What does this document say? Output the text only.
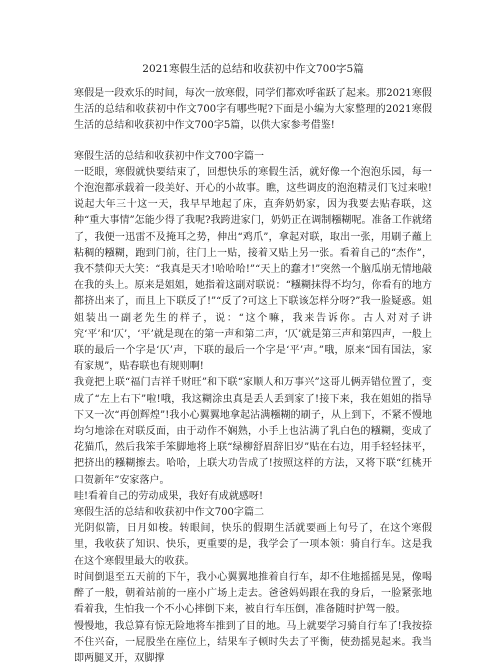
2021寒假生活的总结和收获初中作文700字5篇

寒假是一段欢乐的时间，每次一放寒假，同学们都欢呼雀跃了起来。那2021寒假生活的总结和收获初中作文700字有哪些呢?下面是小编为大家整理的2021寒假生活的总结和收获初中作文700字5篇，以供大家参考借鉴!

寒假生活的总结和收获初中作文700字篇一

一眨眼，寒假就快要结束了，回想快乐的寒假生活，就好像一个泡泡乐园，每一个泡泡都承载着一段美好、开心的小故事。瞧，这些调皮的泡泡精灵们飞过来啦!说起大年三十这一天，我早早地起了床，直奔奶奶家，因为我要去贴春联，这种“重大事情”怎能少得了我呢?我跨进家门，奶奶正在调制糨糊呢。准备工作就绪了，我便一迅雷不及掩耳之势，伸出“鸡爪”，拿起对联，取出一张，用刷子蘸上粘稠的糨糊，跑到门前，往门上一贴，接着又贴上另一张。看着自己的“杰作”，我不禁仰天大笑：“我真是天才!哈哈哈!”“天上的蠢才!”突然一个脑瓜崩无情地敲在我的头上。原来是姐姐，她指着这副对联说：“糨糊抹得不均匀，你看有的地方都挤出来了，而且上下联反了!”“反了?可这上下联该怎样分呀?”我一脸疑惑。姐姐装出一副老先生的样子，说：“这个嘛，我来告诉你。古人对对子讲究‘平’和‘仄’，‘平’就是现在的第一声和第二声，‘仄’就是第三声和第四声，一般上联的最后一个字是‘仄’声，下联的最后一个字是‘平’声。”哦，原来“国有国法，家有家规”，贴春联也有规则啊!

我竟把上联“福门吉祥千财旺”和下联“家顺人和万事兴”这哥儿俩弄错位置了，变成了“左上右下”啦!哦，我这糊涂虫真是丢人丢到家了!接下来，我在姐姐的指导下又一次“再创辉煌”!我小心翼翼地拿起沾满糨糊的刷子，从上到下，不紧不慢地均匀地涂在对联反面，由于动作不娴熟，小手上也沾满了乳白色的糨糊，变成了花猫爪，然后我笨手笨脚地将上联“绿柳舒眉辞旧岁”贴在右边，用手轻轻抹平，把挤出的糨糊擦去。哈哈，上联大功告成了!按照这样的方法，又将下联“红桃开口贺新年”安家落户。

哇!看着自己的劳动成果，我好有成就感呀!

寒假生活的总结和收获初中作文700字篇二

光阴似箭，日月如梭。转眼间，快乐的假期生活就要画上句号了，在这个寒假里，我收获了知识、快乐，更重要的是，我学会了一项本领：骑自行车。这是我在这个寒假里最大的收获。

时间倒退至五天前的下午，我小心翼翼地推着自行车，却不住地摇摇晃晃，像喝醉了一般，朝着站前的一座小广场上走去。爸爸妈妈跟在我的身后，一脸紧张地看着我，生怕我一个不小心摔倒下来，被自行车压倒，准备随时护驾一般。

慢慢地，我总算有惊无险地将车推到了目的地。马上就要学习骑自行车了!我按捺不住兴奋，一屁股坐在座位上，结果车子顿时失去了平衡，使劲摇晃起来。我当即两腿叉开，双脚撑
